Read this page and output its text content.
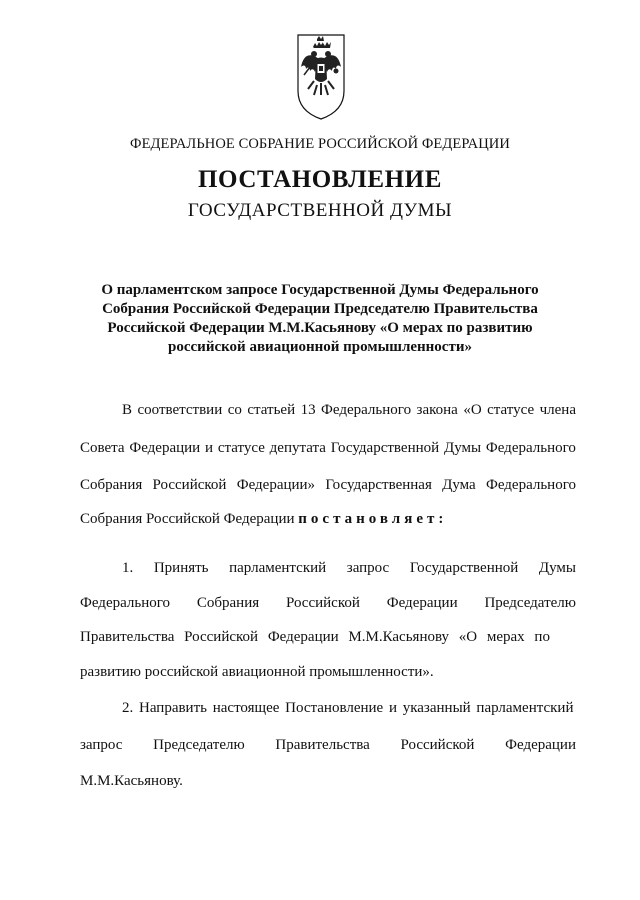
ФЕДЕРАЛЬНОЕ СОБРАНИЕ РОССИЙСКОЙ ФЕДЕРАЦИИ
ПОСТАНОВЛЕНИЕ
ГОСУДАРСТВЕННОЙ ДУМЫ
О парламентском запросе Государственной Думы Федерального
Собрания Российской Федерации Председателю Правительства
Российской Федерации М.М.Касьянову «О мерах по развитию
российской авиационной промышленности»
В соответствии со статьей 13 Федерального закона «О статусе члена
Совета Федерации и статусе депутата Государственной Думы Федерального
Собрания Российской Федерации» Государственная Дума Федерального
Собрания Российской Федерации постановляет:
1. Принять парламентский запрос Государственной Думы
Федерального Собрания Российской Федерации Председателю
Правительства Российской Федерации М.М.Касьянову «О мерах по
развитию российской авиационной промышленности».
2. Направить настоящее Постановление и указанный парламентский
запрос Председателю Правительства Российской Федерации
М.М.Касьянову.
